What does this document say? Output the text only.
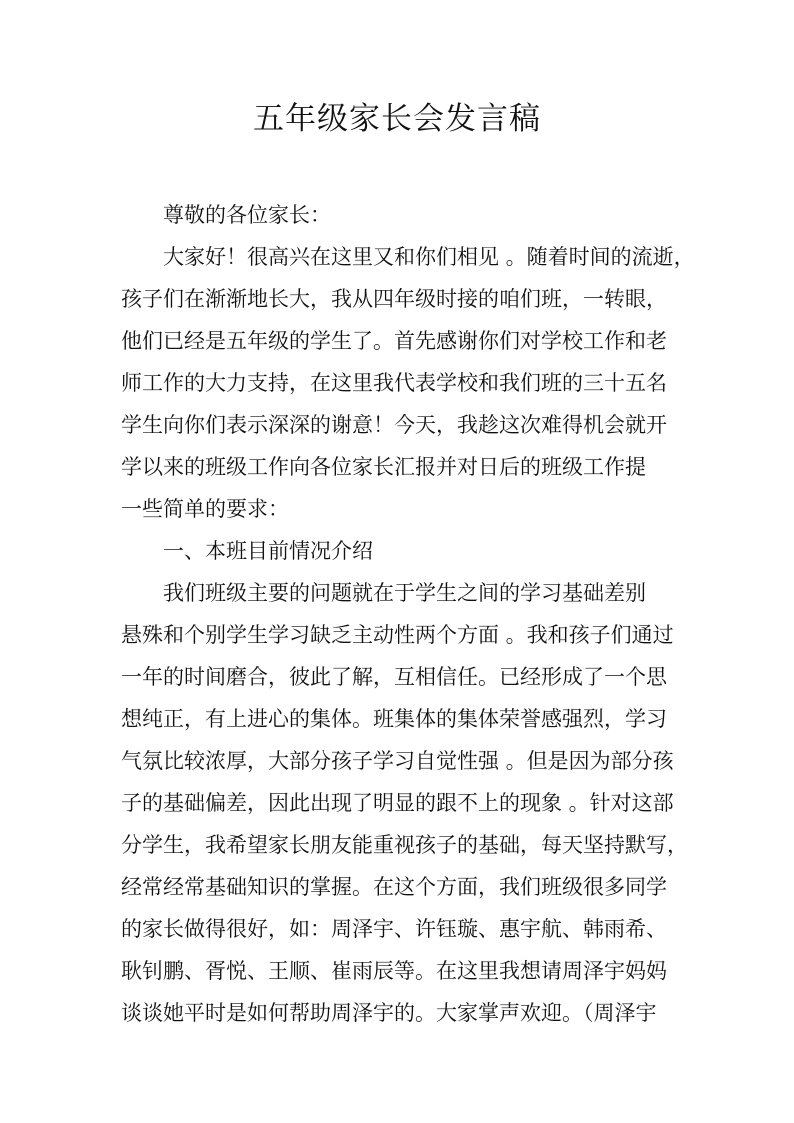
五年级家长会发言稿

尊敬的各位家长：

大家好！很高兴在这里又和你们相见 。随着时间的流逝，

孩子们在渐渐地长大，我从四年级时接的咱们班，一转眼，

他们已经是五年级的学生了。首先感谢你们对学校工作和老

师工作的大力支持，在这里我代表学校和我们班的三十五名

学生向你们表示深深的谢意！今天，我趁这次难得机会就开

学以来的班级工作向各位家长汇报并对日后的班级工作提

一些简单的要求：

一、本班目前情况介绍

我们班级主要的问题就在于学生之间的学习基础差别

悬殊和个别学生学习缺乏主动性两个方面 。我和孩子们通过

一年的时间磨合，彼此了解，互相信任。已经形成了一个思

想纯正，有上进心的集体。班集体的集体荣誉感强烈，学习

气氛比较浓厚，大部分孩子学习自觉性强 。但是因为部分孩

子的基础偏差，因此出现了明显的跟不上的现象 。针对这部

分学生，我希望家长朋友能重视孩子的基础，每天坚持默写，

经常经常基础知识的掌握。在这个方面，我们班级很多同学

的家长做得很好，如：周泽宇、许钰璇、惠宇航、韩雨希、

耿钊鹏、胥悦、王顺、崔雨辰等。在这里我想请周泽宇妈妈

谈谈她平时是如何帮助周泽宇的。大家掌声欢迎。（周泽宇
